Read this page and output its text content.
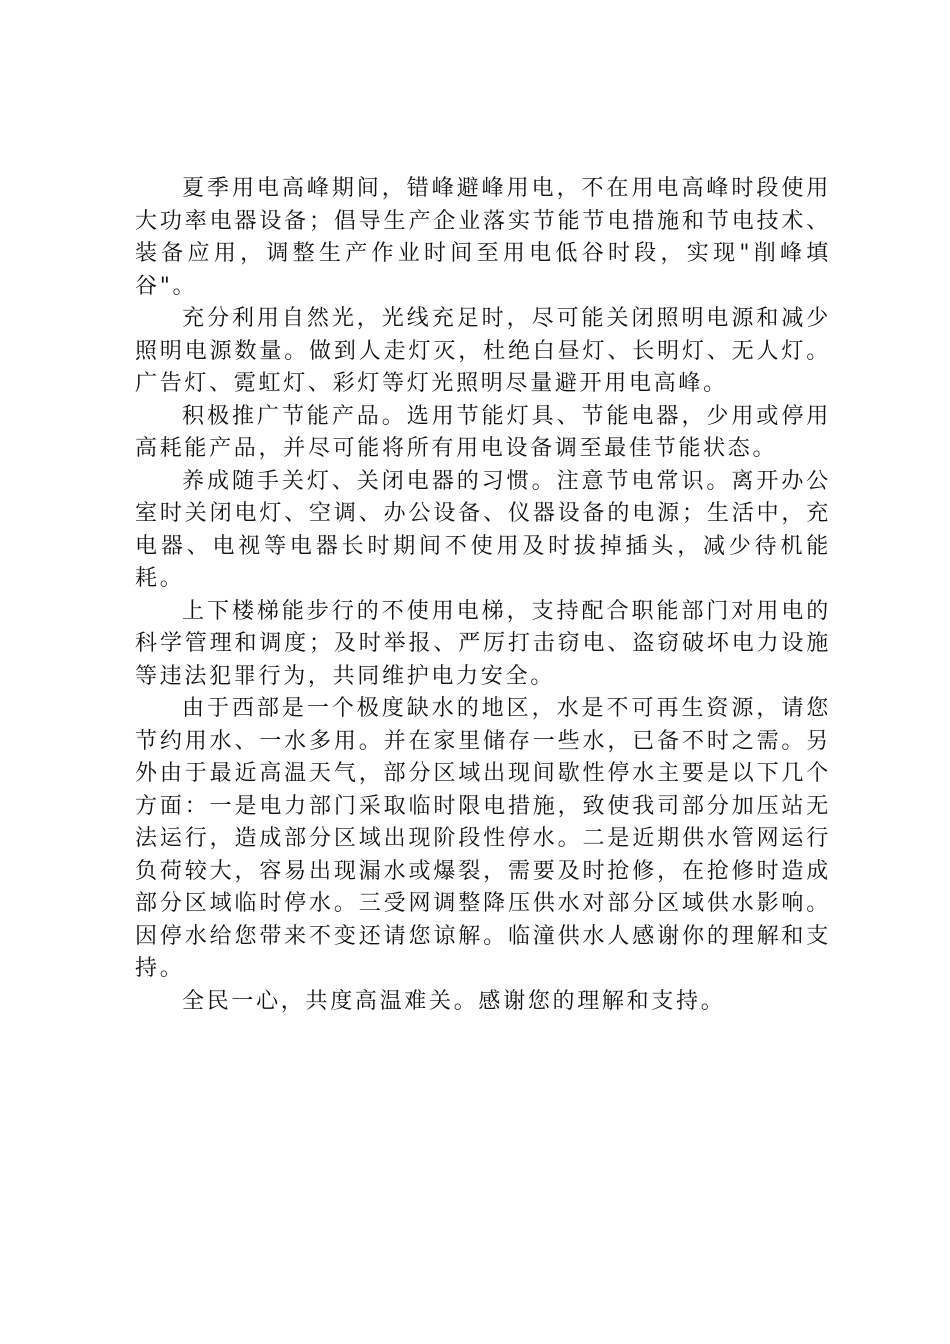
夏季用电高峰期间，错峰避峰用电，不在用电高峰时段使用大功率电器设备；倡导生产企业落实节能节电措施和节电技术、装备应用，调整生产作业时间至用电低谷时段，实现"削峰填谷"。

充分利用自然光，光线充足时，尽可能关闭照明电源和减少照明电源数量。做到人走灯灭，杜绝白昼灯、长明灯、无人灯。广告灯、霓虹灯、彩灯等灯光照明尽量避开用电高峰。

积极推广节能产品。选用节能灯具、节能电器，少用或停用高耗能产品，并尽可能将所有用电设备调至最佳节能状态。

养成随手关灯、关闭电器的习惯。注意节电常识。离开办公室时关闭电灯、空调、办公设备、仪器设备的电源；生活中，充电器、电视等电器长时期间不使用及时拔掉插头，减少待机能耗。

上下楼梯能步行的不使用电梯，支持配合职能部门对用电的科学管理和调度；及时举报、严厉打击窃电、盗窃破坏电力设施等违法犯罪行为，共同维护电力安全。

由于西部是一个极度缺水的地区，水是不可再生资源，请您节约用水、一水多用。并在家里储存一些水，已备不时之需。另外由于最近高温天气，部分区域出现间歇性停水主要是以下几个方面：一是电力部门采取临时限电措施，致使我司部分加压站无法运行，造成部分区域出现阶段性停水。二是近期供水管网运行负荷较大，容易出现漏水或爆裂，需要及时抢修，在抢修时造成部分区域临时停水。三受网调整降压供水对部分区域供水影响。因停水给您带来不变还请您谅解。临潼供水人感谢你的理解和支持。

全民一心，共度高温难关。感谢您的理解和支持。
